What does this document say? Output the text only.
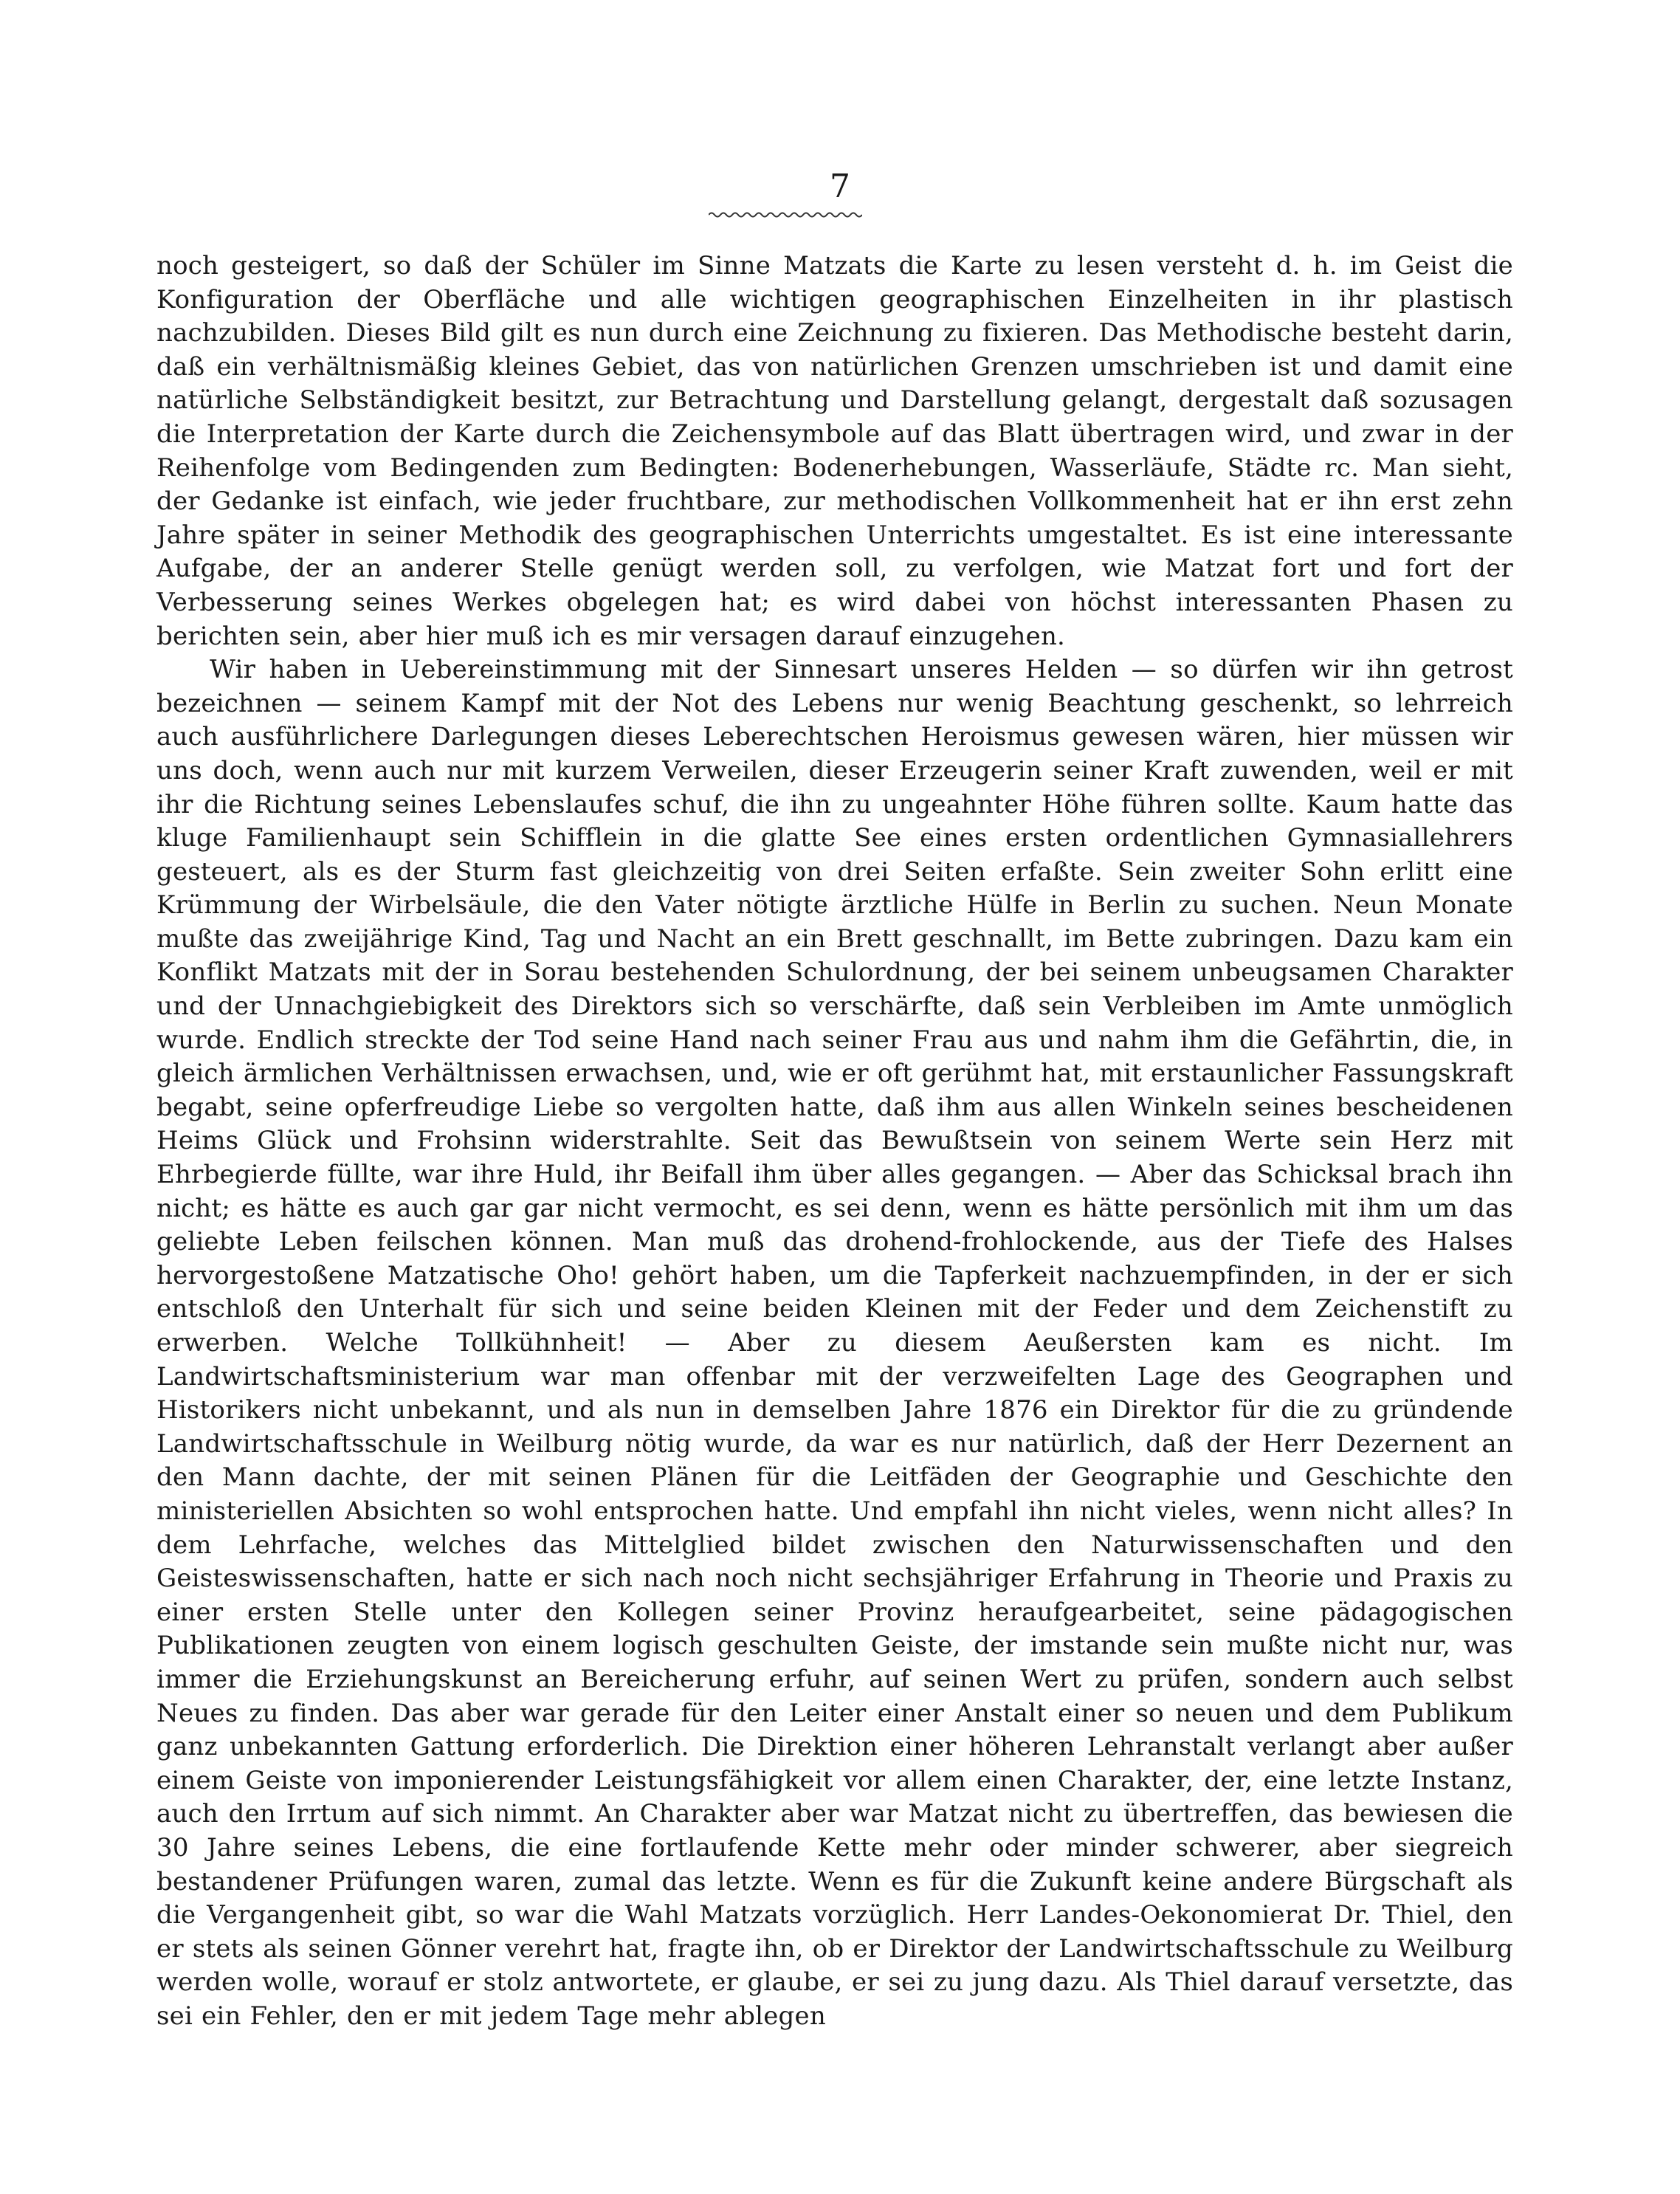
7

noch gesteigert, so daß der Schüler im Sinne Matzats die Karte zu lesen versteht d. h. im Geist die Konfiguration der Oberfläche und alle wichtigen geographischen Einzelheiten in ihr plastisch nachzubilden. Dieses Bild gilt es nun durch eine Zeichnung zu fixieren. Das Methodische besteht darin, daß ein verhältnismäßig kleines Gebiet, das von natürlichen Grenzen umschrieben ist und damit eine natürliche Selbständigkeit besitzt, zur Betrachtung und Darstellung gelangt, dergestalt daß sozusagen die Interpretation der Karte durch die Zeichensymbole auf das Blatt übertragen wird, und zwar in der Reihenfolge vom Bedingenden zum Bedingten: Bodenerhebungen, Wasserläufe, Städte rc. Man sieht, der Gedanke ist einfach, wie jeder fruchtbare, zur methodischen Vollkommenheit hat er ihn erst zehn Jahre später in seiner Methodik des geographischen Unterrichts umgestaltet. Es ist eine interessante Aufgabe, der an anderer Stelle genügt werden soll, zu verfolgen, wie Matzat fort und fort der Verbesserung seines Werkes obgelegen hat; es wird dabei von höchst interessanten Phasen zu berichten sein, aber hier muß ich es mir versagen darauf einzugehen.

Wir haben in Uebereinstimmung mit der Sinnesart unseres Helden — so dürfen wir ihn getrost bezeichnen — seinem Kampf mit der Not des Lebens nur wenig Beachtung geschenkt, so lehrreich auch ausführlichere Darlegungen dieses Leberechtschen Heroismus gewesen wären, hier müssen wir uns doch, wenn auch nur mit kurzem Verweilen, dieser Erzeugerin seiner Kraft zuwenden, weil er mit ihr die Richtung seines Lebenslaufes schuf, die ihn zu ungeahnter Höhe führen sollte. Kaum hatte das kluge Familienhaupt sein Schifflein in die glatte See eines ersten ordentlichen Gymnasiallehrers gesteuert, als es der Sturm fast gleichzeitig von drei Seiten erfaßte. Sein zweiter Sohn erlitt eine Krümmung der Wirbelsäule, die den Vater nötigte ärztliche Hülfe in Berlin zu suchen. Neun Monate mußte das zweijährige Kind, Tag und Nacht an ein Brett geschnallt, im Bette zubringen. Dazu kam ein Konflikt Matzats mit der in Sorau bestehenden Schulordnung, der bei seinem unbeugsamen Charakter und der Unnachgiebigkeit des Direktors sich so verschärfte, daß sein Verbleiben im Amte unmöglich wurde. Endlich streckte der Tod seine Hand nach seiner Frau aus und nahm ihm die Gefährtin, die, in gleich ärmlichen Verhältnissen erwachsen, und, wie er oft gerühmt hat, mit erstaunlicher Fassungskraft begabt, seine opferfreudige Liebe so vergolten hatte, daß ihm aus allen Winkeln seines bescheidenen Heims Glück und Frohsinn widerstrahlte. Seit das Bewußtsein von seinem Werte sein Herz mit Ehrbegierde füllte, war ihre Huld, ihr Beifall ihm über alles gegangen. — Aber das Schicksal brach ihn nicht; es hätte es auch gar gar nicht vermocht, es sei denn, wenn es hätte persönlich mit ihm um das geliebte Leben feilschen können. Man muß das drohend-frohlockende, aus der Tiefe des Halses hervorgestoßene Matzatische Oho! gehört haben, um die Tapferkeit nachzuempfinden, in der er sich entschloß den Unterhalt für sich und seine beiden Kleinen mit der Feder und dem Zeichenstift zu erwerben. Welche Tollkühnheit! — Aber zu diesem Aeußersten kam es nicht. Im Landwirtschaftsministerium war man offenbar mit der verzweifelten Lage des Geographen und Historikers nicht unbekannt, und als nun in demselben Jahre 1876 ein Direktor für die zu gründende Landwirtschaftsschule in Weilburg nötig wurde, da war es nur natürlich, daß der Herr Dezernent an den Mann dachte, der mit seinen Plänen für die Leitfäden der Geographie und Geschichte den ministeriellen Absichten so wohl entsprochen hatte. Und empfahl ihn nicht vieles, wenn nicht alles? In dem Lehrfache, welches das Mittelglied bildet zwischen den Naturwissenschaften und den Geisteswissenschaften, hatte er sich nach noch nicht sechsjähriger Erfahrung in Theorie und Praxis zu einer ersten Stelle unter den Kollegen seiner Provinz heraufgearbeitet, seine pädagogischen Publikationen zeugten von einem logisch geschulten Geiste, der imstande sein mußte nicht nur, was immer die Erziehungskunst an Bereicherung erfuhr, auf seinen Wert zu prüfen, sondern auch selbst Neues zu finden. Das aber war gerade für den Leiter einer Anstalt einer so neuen und dem Publikum ganz unbekannten Gattung erforderlich. Die Direktion einer höheren Lehranstalt verlangt aber außer einem Geiste von imponierender Leistungsfähigkeit vor allem einen Charakter, der, eine letzte Instanz, auch den Irrtum auf sich nimmt. An Charakter aber war Matzat nicht zu übertreffen, das bewiesen die 30 Jahre seines Lebens, die eine fortlaufende Kette mehr oder minder schwerer, aber siegreich bestandener Prüfungen waren, zumal das letzte. Wenn es für die Zukunft keine andere Bürgschaft als die Vergangenheit gibt, so war die Wahl Matzats vorzüglich. Herr Landes-Oekonomierat Dr. Thiel, den er stets als seinen Gönner verehrt hat, fragte ihn, ob er Direktor der Landwirtschaftsschule zu Weilburg werden wolle, worauf er stolz antwortete, er glaube, er sei zu jung dazu. Als Thiel darauf versetzte, das sei ein Fehler, den er mit jedem Tage mehr ablegen
